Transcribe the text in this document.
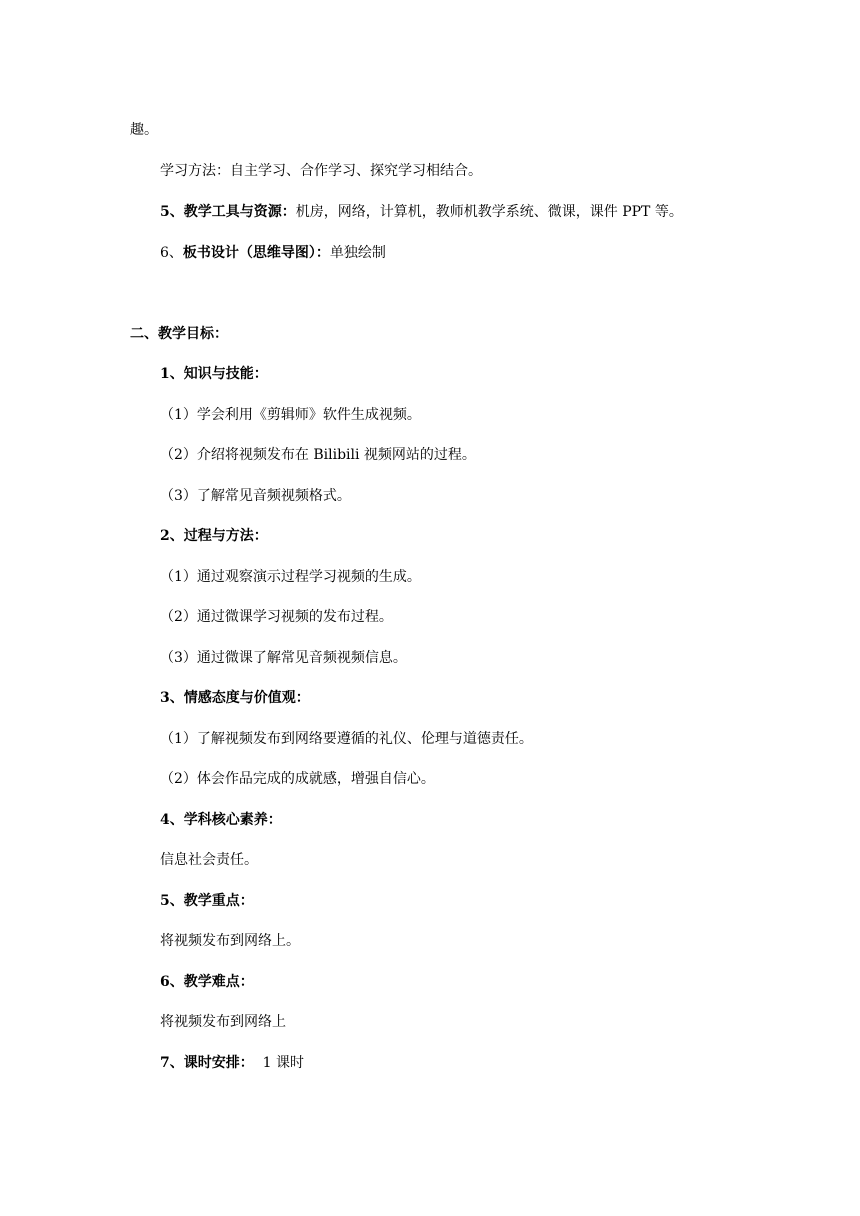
趣。
学习方法：自主学习、合作学习、探究学习相结合。
5、教学工具与资源：机房，网络，计算机，教师机教学系统、微课，课件 PPT 等。
6、板书设计（思维导图）：单独绘制
二、教学目标：
1、知识与技能：
（1）学会利用《剪辑师》软件生成视频。
（2）介绍将视频发布在 Bilibili 视频网站的过程。
（3）了解常见音频视频格式。
2、过程与方法：
（1）通过观察演示过程学习视频的生成。
（2）通过微课学习视频的发布过程。
（3）通过微课了解常见音频视频信息。
3、情感态度与价值观：
（1）了解视频发布到网络要遵循的礼仪、伦理与道德责任。
（2）体会作品完成的成就感，增强自信心。
4、学科核心素养：
信息社会责任。
5、教学重点：
将视频发布到网络上。
6、教学难点：
将视频发布到网络上
7、课时安排： 1 课时
